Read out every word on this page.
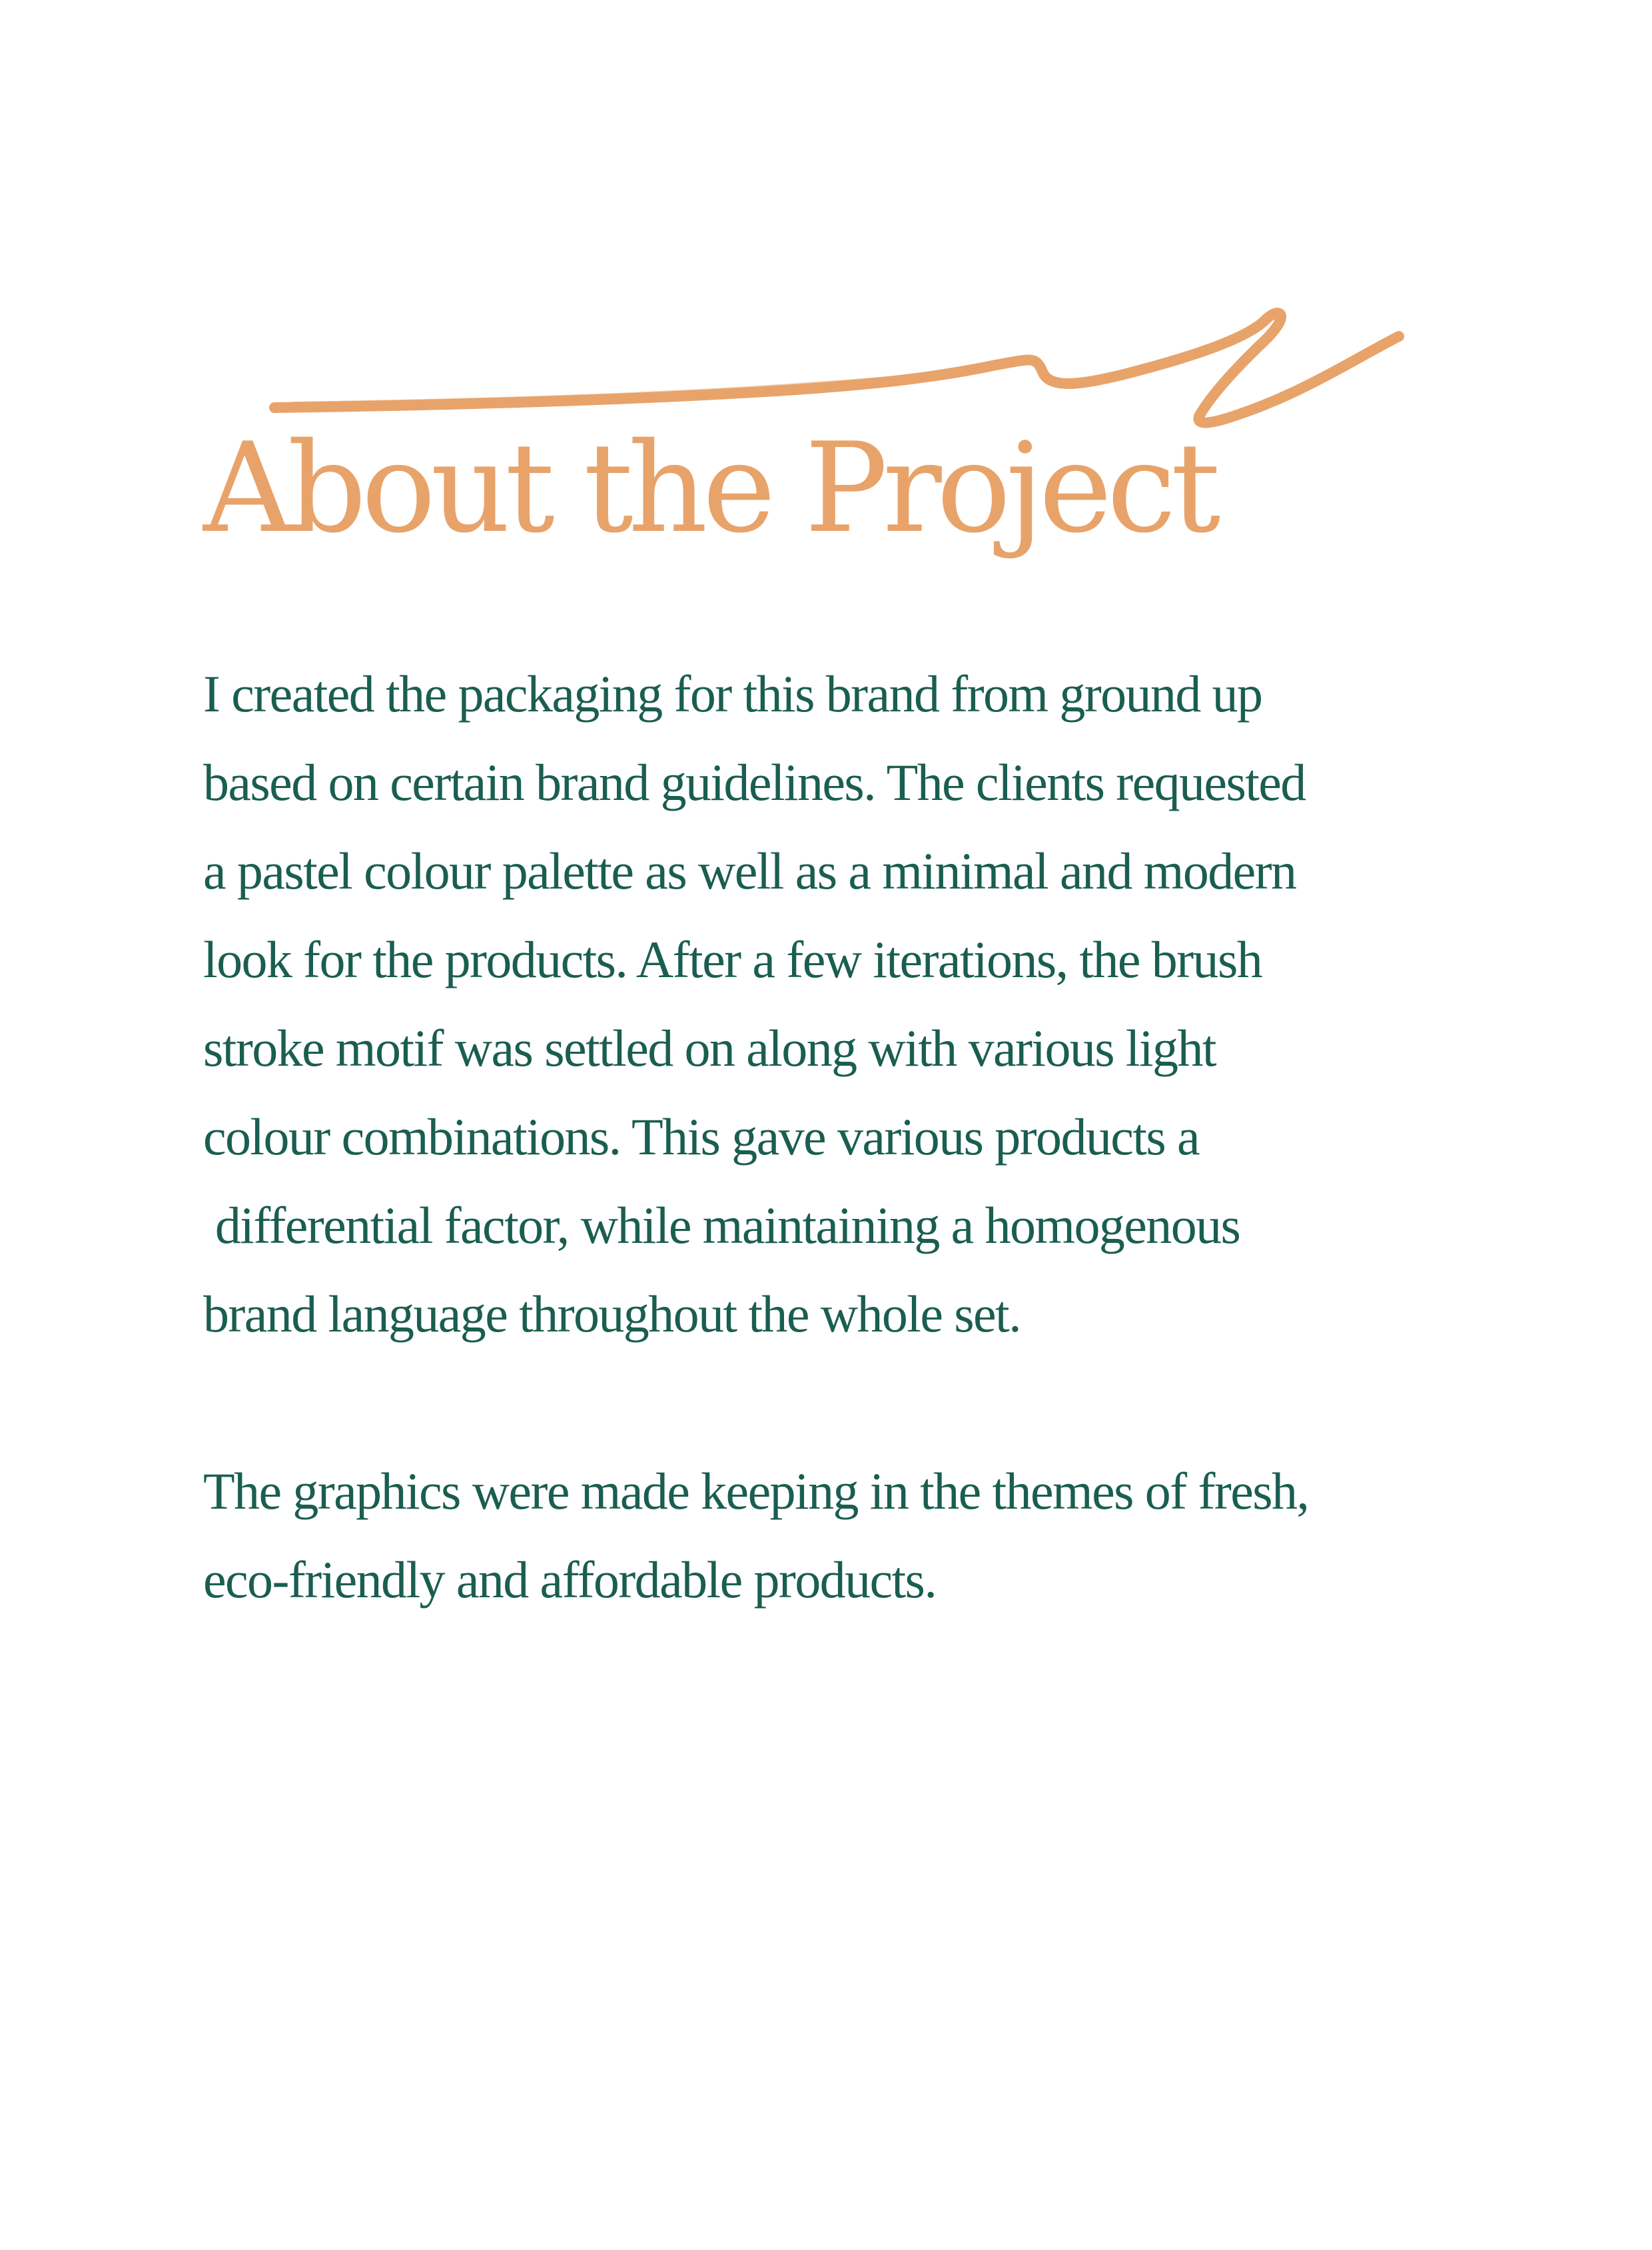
About the Project

I created the packaging for this brand from ground up
based on certain brand guidelines. The clients requested
a pastel colour palette as well as a minimal and modern
look for the products. After a few iterations, the brush
stroke motif was settled on along with various light
colour combinations. This gave various products a
differential factor, while maintaining a homogenous
brand language throughout the whole set.

The graphics were made keeping in the themes of fresh,
eco-friendly and affordable products.
